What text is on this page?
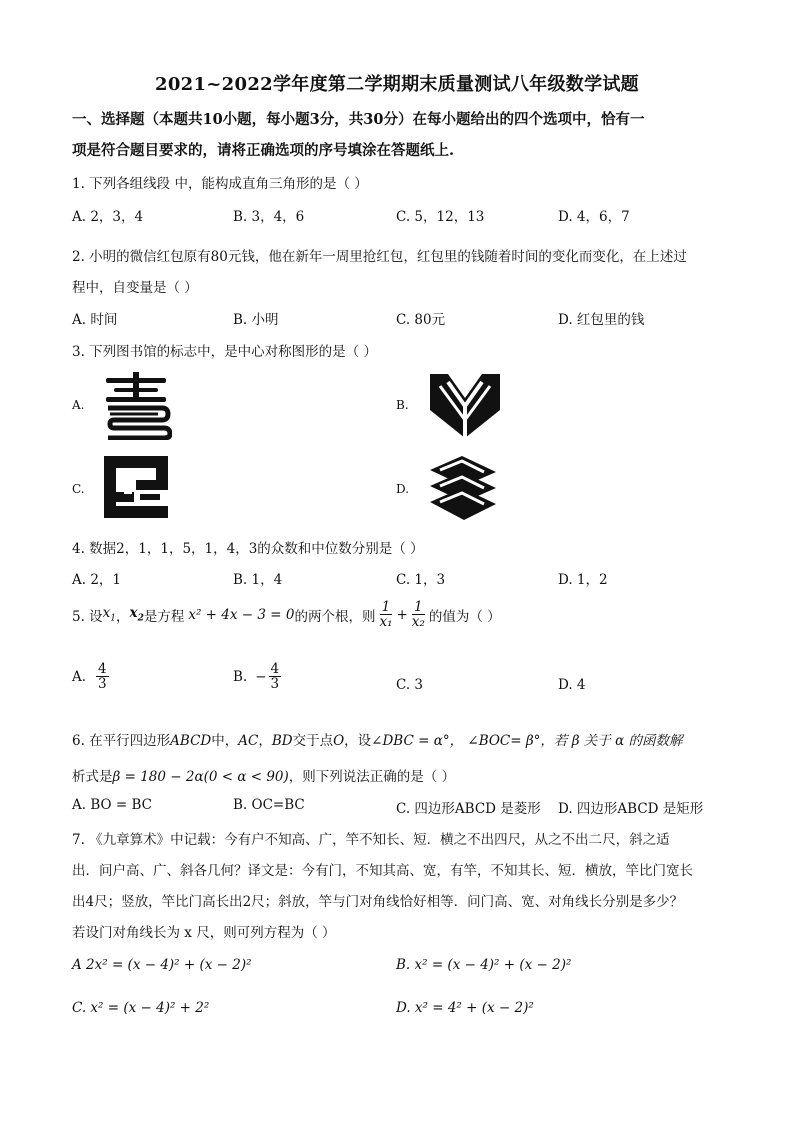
2021~2022学年度第二学期期末质量测试八年级数学试题
一、选择题（本题共10小题，每小题3分，共30分）在每小题给出的四个选项中，恰有一
项是符合题目要求的，请将正确选项的序号填涂在答题纸上.
1. 下列各组线段 中，能构成直角三角形的是（ ）
A. 2，3，4	B. 3，4，6	C. 5，12，13	D. 4，6，7
2. 小明的微信红包原有80元钱，他在新年一周里抢红包，红包里的钱随着时间的变化而变化，在上述过
程中，自变量是（ ）
A. 时间	B. 小明	C. 80元	D. 红包里的钱
3. 下列图书馆的标志中，是中心对称图形的是（ ）
A.	B.
C.	D.
4. 数据2，1，1，5，1，4，3的众数和中位数分别是（ ）
A. 2，1	B. 1，4	C. 1，3	D. 1，2
5. 设 $x_1$ ， $x_2$ 是方程 x² + 4x − 3 = 0 的两个根，则 $\frac{1}{\text{x₁}} + \frac{1}{\text{x₂}}$ 的值为（ ）
A. $\frac{4}{3}$	B. − $\frac{4}{3}$	C. 3	D. 4
6. 在平行四边形ABCD中，AC，BD交于点O，设∠DBC = α°， ∠BOC= β°，若 β 关于 α 的函数解
析式是β = 180 − 2α(0 < α < 90)，则下列说法正确的是（ ）
A. BO = BC	B. OC=BC	C. 四边形ABCD 是菱形 D. 四边形ABCD 是矩形
7. 《九章算术》中记载：今有户不知高、广，竿不知长、短．横之不出四尺，从之不出二尺，斜之适
出．问户高、广、斜各几何？译文是：今有门，不知其高、宽，有竿，不知其长、短．横放，竿比门宽长
出4尺；竖放，竿比门高长出2尺；斜放，竿与门对角线恰好相等．问门高、宽、对角线长分别是多少？
若设门对角线长为 x 尺，则可列方程为（ ）
A 2x² = (x − 4)² + (x − 2)²	B. x² = (x − 4)² + (x − 2)²
C. x² = (x − 4)² + 2²	D. x² = 4² + (x − 2)²
